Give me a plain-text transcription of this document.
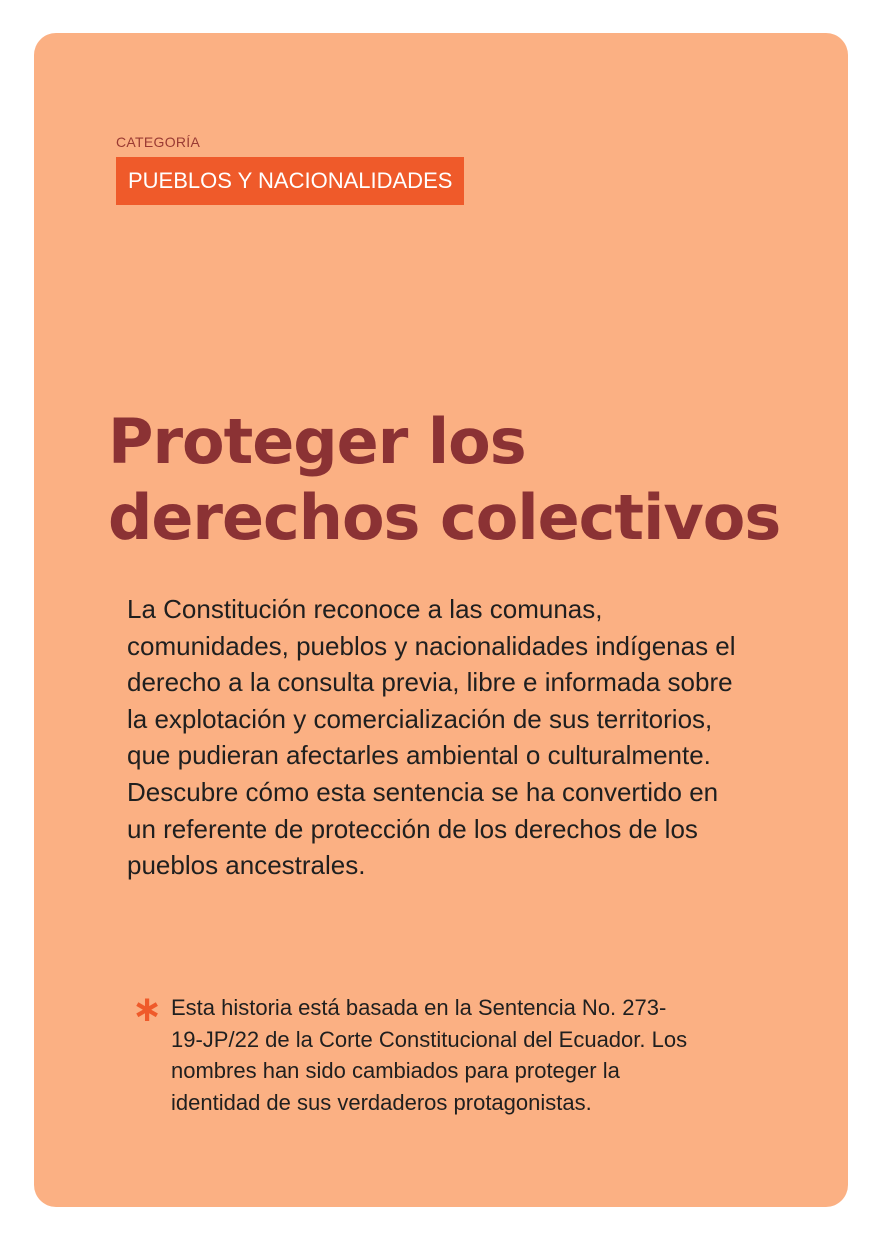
CATEGORÍA
PUEBLOS Y NACIONALIDADES
Proteger los derechos colectivos

La Constitución reconoce a las comunas, comunidades, pueblos y nacionalidades indígenas el derecho a la consulta previa, libre e informada sobre la explotación y comercialización de sus territorios, que pudieran afectarles ambiental o culturalmente. Descubre cómo esta sentencia se ha convertido en un referente de protección de los derechos de los pueblos ancestrales.

∗ Esta historia está basada en la Sentencia No. 273-19-JP/22 de la Corte Constitucional del Ecuador. Los nombres han sido cambiados para proteger la identidad de sus verdaderos protagonistas.
